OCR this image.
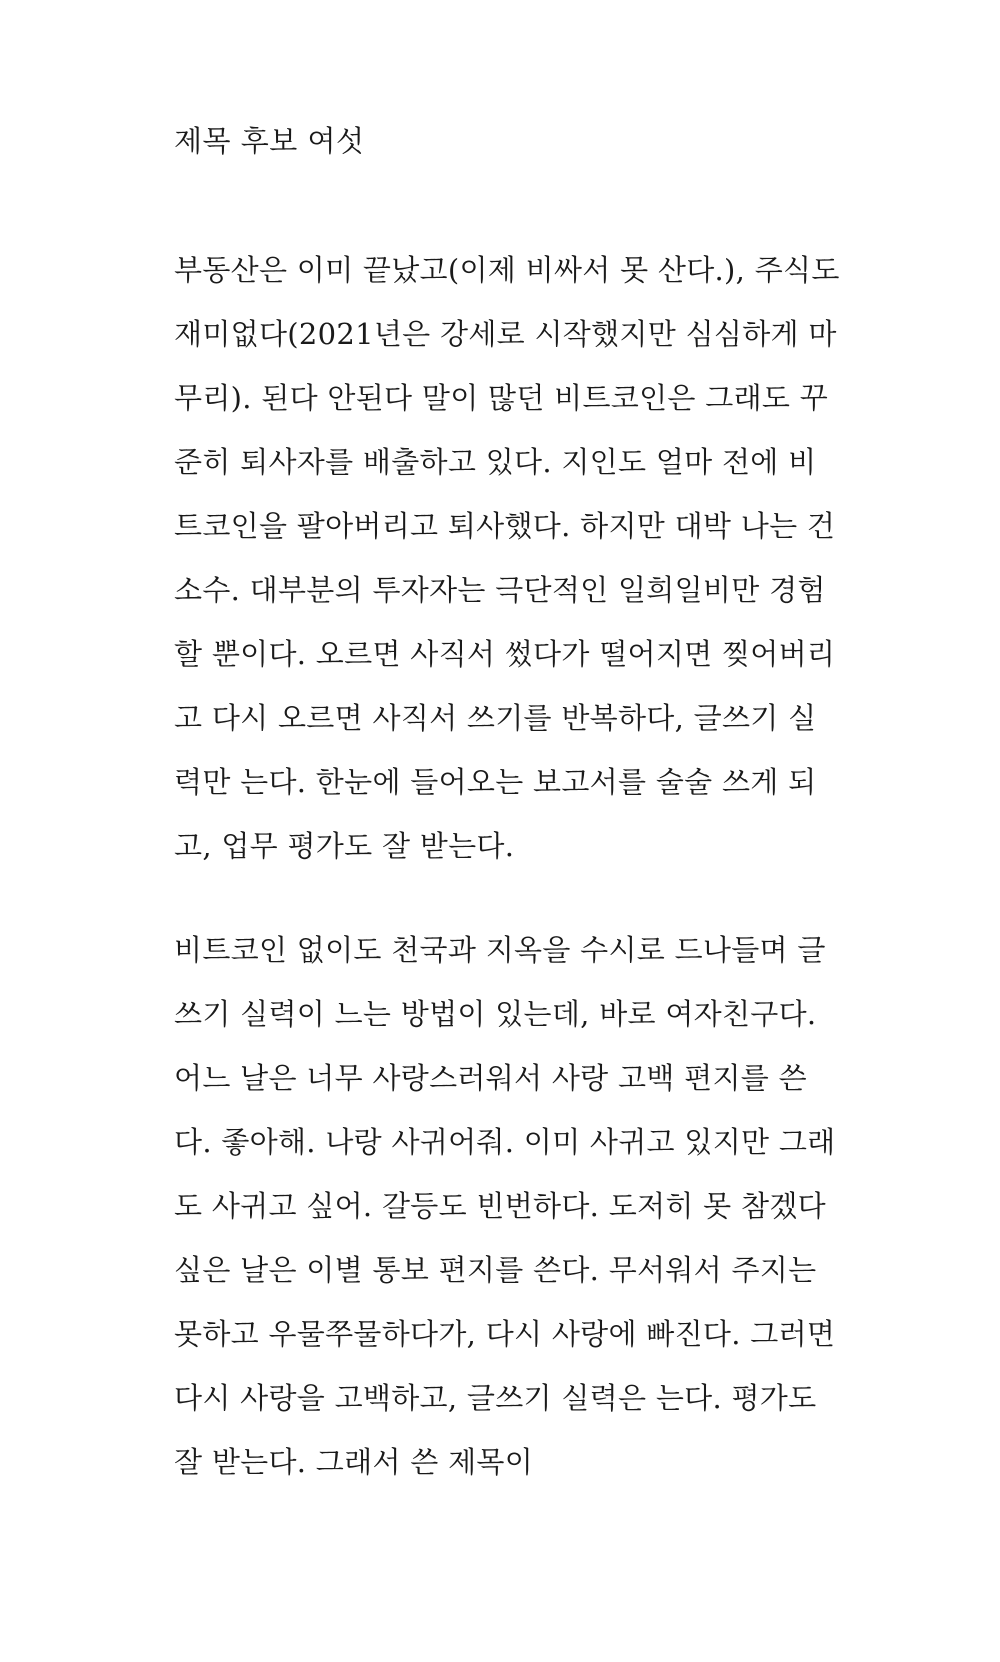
제목 후보 여섯

부동산은 이미 끝났고(이제 비싸서 못 산다.), 주식도
재미없다(2021년은 강세로 시작했지만 심심하게 마
무리). 된다 안된다 말이 많던 비트코인은 그래도 꾸
준히 퇴사자를 배출하고 있다. 지인도 얼마 전에 비
트코인을 팔아버리고 퇴사했다. 하지만 대박 나는 건
소수. 대부분의 투자자는 극단적인 일희일비만 경험
할 뿐이다. 오르면 사직서 썼다가 떨어지면 찢어버리
고 다시 오르면 사직서 쓰기를 반복하다, 글쓰기 실
력만 는다. 한눈에 들어오는 보고서를 술술 쓰게 되
고, 업무 평가도 잘 받는다.

비트코인 없이도 천국과 지옥을 수시로 드나들며 글
쓰기 실력이 느는 방법이 있는데, 바로 여자친구다.
어느 날은 너무 사랑스러워서 사랑 고백 편지를 쓴
다. 좋아해. 나랑 사귀어줘. 이미 사귀고 있지만 그래
도 사귀고 싶어. 갈등도 빈번하다. 도저히 못 참겠다
싶은 날은 이별 통보 편지를 쓴다. 무서워서 주지는
못하고 우물쭈물하다가, 다시 사랑에 빠진다. 그러면
다시 사랑을 고백하고, 글쓰기 실력은 는다. 평가도
잘 받는다. 그래서 쓴 제목이
